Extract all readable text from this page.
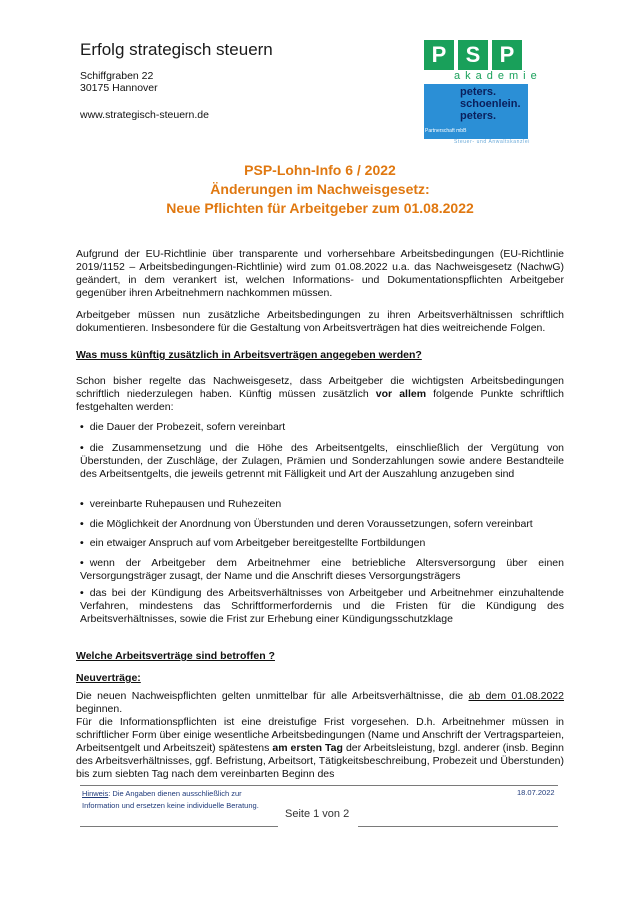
Erfolg strategisch steuern
Schiffgraben 22
30175 Hannover
www.strategisch-steuern.de
P S P
akademie
peters.
schoenlein.
peters.
Partnerschaft mbB
Steuer- und Anwaltskanzlei
PSP-Lohn-Info 6 / 2022
Änderungen im Nachweisgesetz:
Neue Pflichten für Arbeitgeber zum 01.08.2022
Aufgrund der EU-Richtlinie über transparente und vorhersehbare Arbeitsbedingungen (EU-Richtlinie 2019/1152 – Arbeitsbedingungen-Richtlinie) wird zum 01.08.2022 u.a. das Nachweisgesetz (NachwG) geändert, in dem verankert ist, welchen Informations- und Dokumentationspflichten Arbeitgeber gegenüber ihren Arbeitnehmern nachkommen müssen.
Arbeitgeber müssen nun zusätzliche Arbeitsbedingungen zu ihren Arbeitsverhältnissen schriftlich dokumentieren. Insbesondere für die Gestaltung von Arbeitsverträgen hat dies weitreichende Folgen.
Was muss künftig zusätzlich in Arbeitsverträgen angegeben werden?
Schon bisher regelte das Nachweisgesetz, dass Arbeitgeber die wichtigsten Arbeitsbedingungen schriftlich niederzulegen haben. Künftig müssen zusätzlich vor allem folgende Punkte schriftlich festgehalten werden:
• die Dauer der Probezeit, sofern vereinbart
• die Zusammensetzung und die Höhe des Arbeitsentgelts, einschließlich der Vergütung von Überstunden, der Zuschläge, der Zulagen, Prämien und Sonderzahlungen sowie andere Bestandteile des Arbeitsentgelts, die jeweils getrennt mit Fälligkeit und Art der Auszahlung anzugeben sind
• vereinbarte Ruhepausen und Ruhezeiten
• die Möglichkeit der Anordnung von Überstunden und deren Voraussetzungen, sofern vereinbart
• ein etwaiger Anspruch auf vom Arbeitgeber bereitgestellte Fortbildungen
• wenn der Arbeitgeber dem Arbeitnehmer eine betriebliche Altersversorgung über einen Versorgungsträger zusagt, der Name und die Anschrift dieses Versorgungsträgers
• das bei der Kündigung des Arbeitsverhältnisses von Arbeitgeber und Arbeitnehmer einzuhaltende Verfahren, mindestens das Schriftformerfordernis und die Fristen für die Kündigung des Arbeitsverhältnisses, sowie die Frist zur Erhebung einer Kündigungsschutzklage
Welche Arbeitsverträge sind betroffen ?
Neuverträge:
Die neuen Nachweispflichten gelten unmittelbar für alle Arbeitsverhältnisse, die ab dem 01.08.2022 beginnen.
Für die Informationspflichten ist eine dreistufige Frist vorgesehen. D.h. Arbeitnehmer müssen in schriftlicher Form über einige wesentliche Arbeitsbedingungen (Name und Anschrift der Vertragsparteien, Arbeitsentgelt und Arbeitszeit) spätestens am ersten Tag der Arbeitsleistung, bzgl. anderer (insb. Beginn des Arbeitsverhältnisses, ggf. Befristung, Arbeitsort, Tätigkeitsbeschreibung, Probezeit und Überstunden) bis zum siebten Tag nach dem vereinbarten Beginn des
Hinweis: Die Angaben dienen ausschließlich zur Information und ersetzen keine individuelle Beratung.
18.07.2022
Seite 1 von 2
